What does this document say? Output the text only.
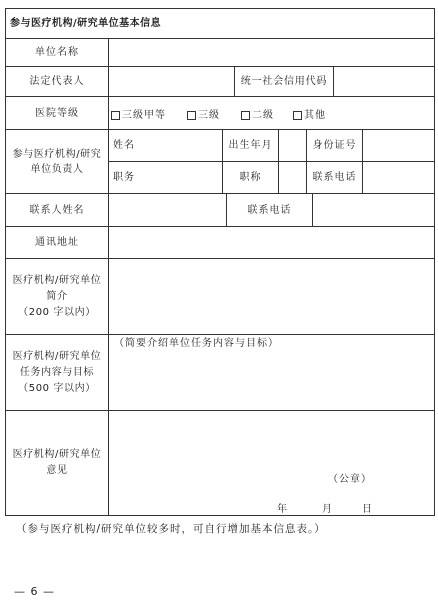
参与医疗机构/研究单位基本信息
单位名称
法定代表人	统一社会信用代码
医院等级	三级甲等	三级	二级	其他
参与医疗机构/研究
单位负责人
姓名	出生年月	身份证号
职务	职称	联系电话
联系人姓名	联系电话
通讯地址
医疗机构/研究单位
简介
（200 字以内）
医疗机构/研究单位
任务内容与目标
（500 字以内）
（简要介绍单位任务内容与目标）
医疗机构/研究单位
意见
（公章）
年	月	日
（参与医疗机构/研究单位较多时，可自行增加基本信息表。）
— 6 —
